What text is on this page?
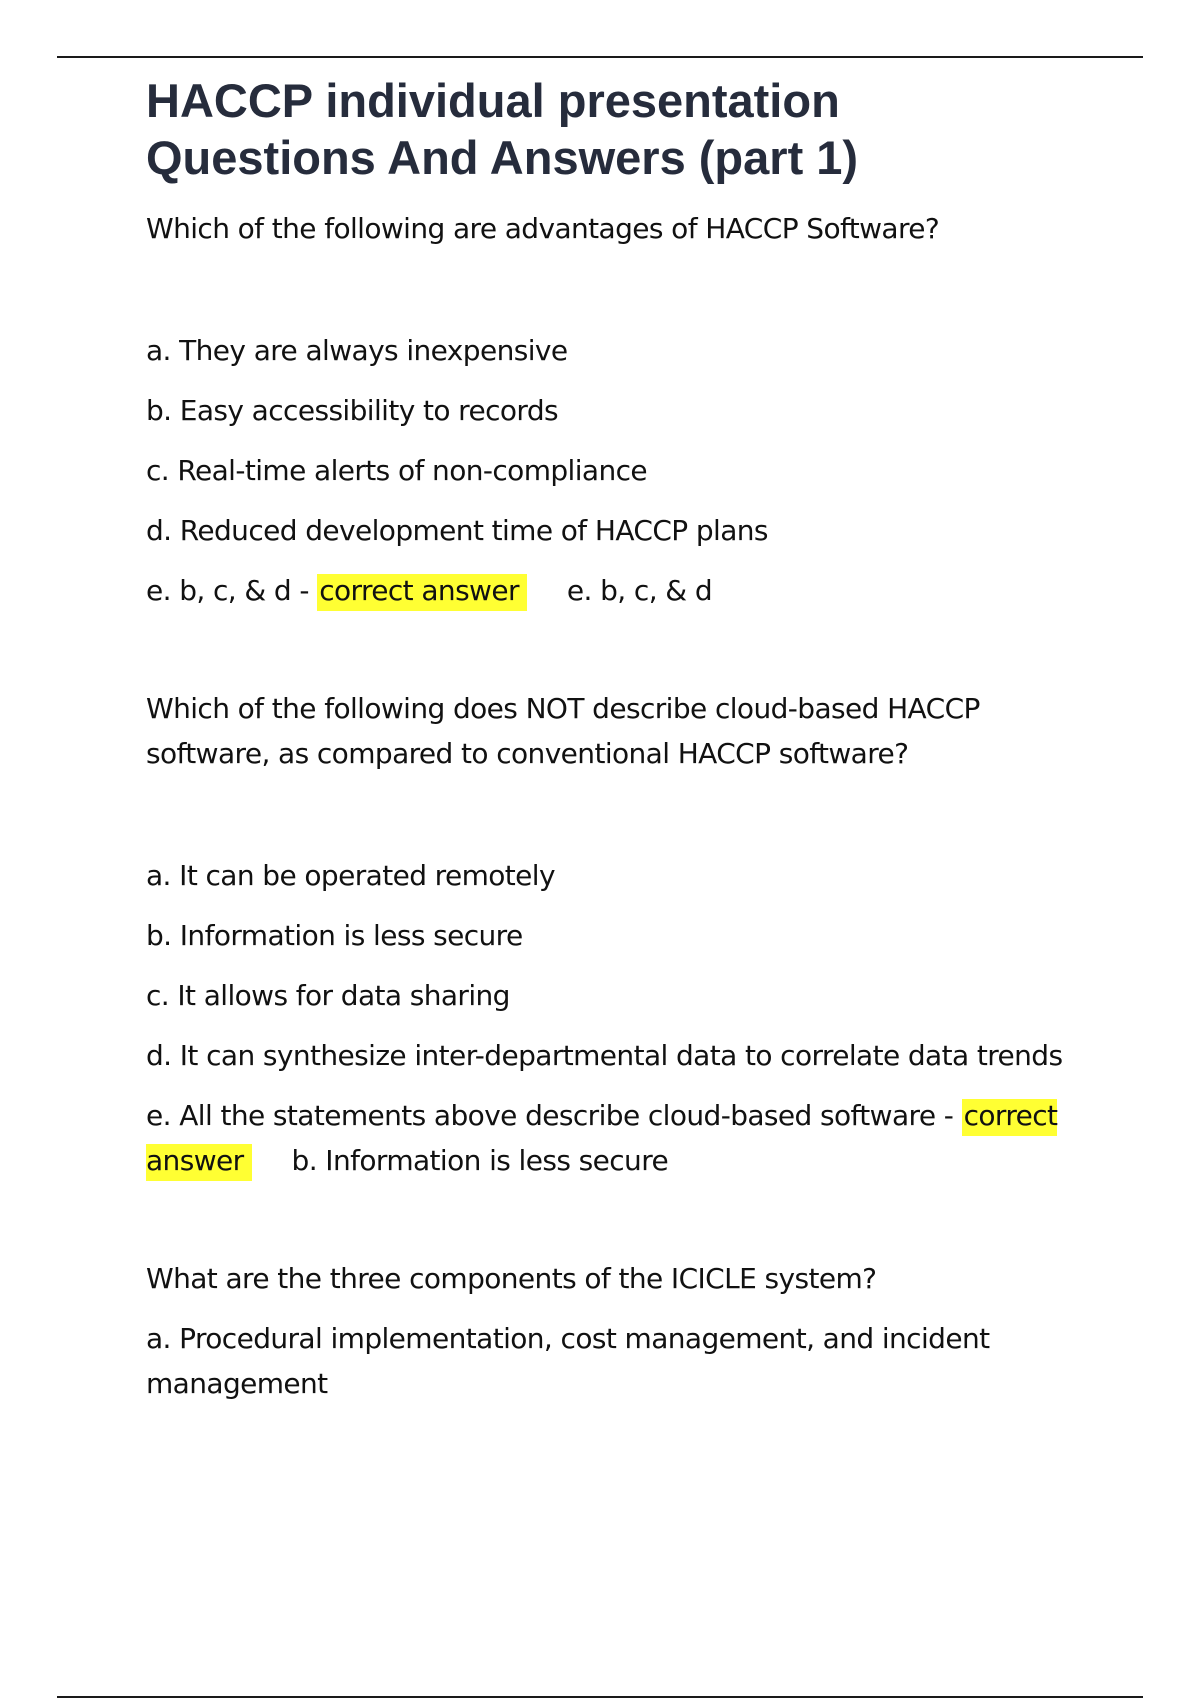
HACCP individual presentation
Questions And Answers (part 1)

Which of the following are advantages of HACCP Software?

a. They are always inexpensive

b. Easy accessibility to records

c. Real-time alerts of non-compliance

d. Reduced development time of HACCP plans

e. b, c, & d - correct answer e. b, c, & d

Which of the following does NOT describe cloud-based HACCP software, as compared to conventional HACCP software?

a. It can be operated remotely

b. Information is less secure

c. It allows for data sharing

d. It can synthesize inter-departmental data to correlate data trends

e. All the statements above describe cloud-based software - correct answer b. Information is less secure

What are the three components of the ICICLE system?

a. Procedural implementation, cost management, and incident management
